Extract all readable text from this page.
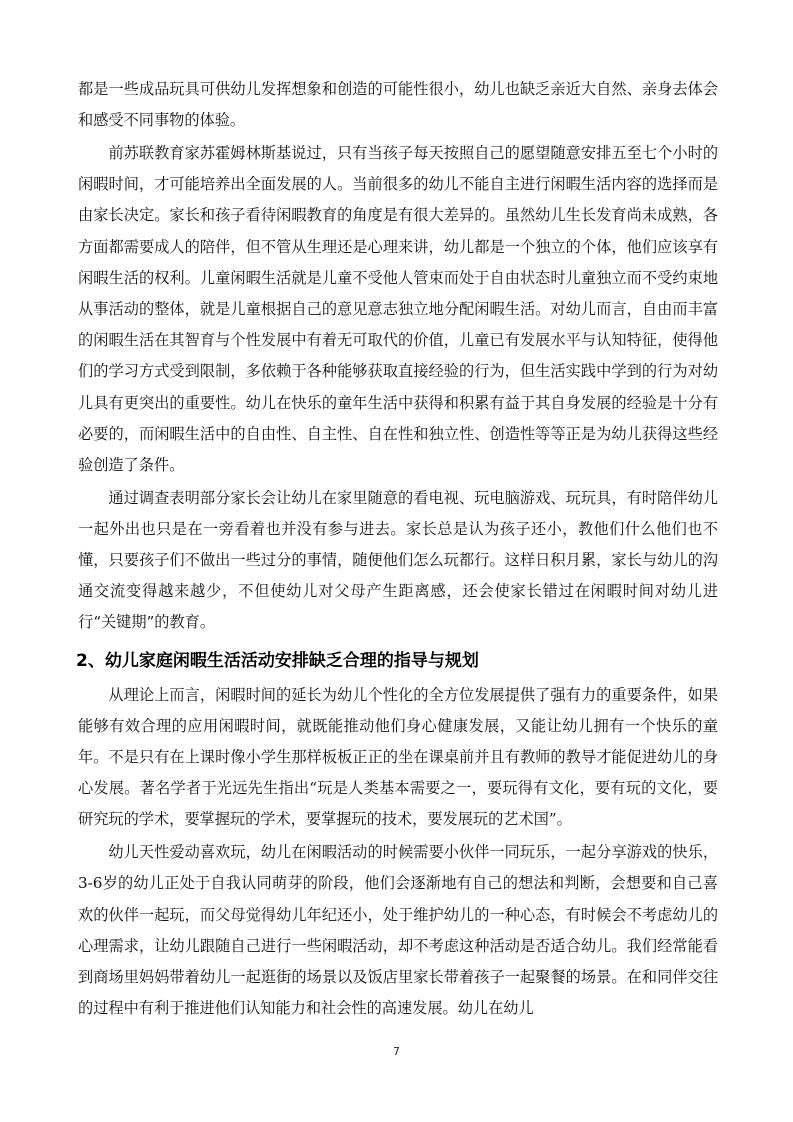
都是一些成品玩具可供幼儿发挥想象和创造的可能性很小，幼儿也缺乏亲近大自然、亲身去体会和感受不同事物的体验。

前苏联教育家苏霍姆林斯基说过，只有当孩子每天按照自己的愿望随意安排五至七个小时的闲暇时间，才可能培养出全面发展的人。当前很多的幼儿不能自主进行闲暇生活内容的选择而是由家长决定。家长和孩子看待闲暇教育的角度是有很大差异的。虽然幼儿生长发育尚未成熟，各方面都需要成人的陪伴，但不管从生理还是心理来讲，幼儿都是一个独立的个体，他们应该享有闲暇生活的权利。儿童闲暇生活就是儿童不受他人管束而处于自由状态时儿童独立而不受约束地从事活动的整体，就是儿童根据自己的意见意志独立地分配闲暇生活。对幼儿而言，自由而丰富的闲暇生活在其智育与个性发展中有着无可取代的价值，儿童已有发展水平与认知特征，使得他们的学习方式受到限制，多依赖于各种能够获取直接经验的行为，但生活实践中学到的行为对幼儿具有更突出的重要性。幼儿在快乐的童年生活中获得和积累有益于其自身发展的经验是十分有必要的，而闲暇生活中的自由性、自主性、自在性和独立性、创造性等等正是为幼儿获得这些经验创造了条件。

通过调查表明部分家长会让幼儿在家里随意的看电视、玩电脑游戏、玩玩具，有时陪伴幼儿一起外出也只是在一旁看着也并没有参与进去。家长总是认为孩子还小，教他们什么他们也不懂，只要孩子们不做出一些过分的事情，随便他们怎么玩都行。这样日积月累，家长与幼儿的沟通交流变得越来越少，不但使幼儿对父母产生距离感，还会使家长错过在闲暇时间对幼儿进行“关键期”的教育。

2、幼儿家庭闲暇生活活动安排缺乏合理的指导与规划

从理论上而言，闲暇时间的延长为幼儿个性化的全方位发展提供了强有力的重要条件，如果能够有效合理的应用闲暇时间，就既能推动他们身心健康发展，又能让幼儿拥有一个快乐的童年。不是只有在上课时像小学生那样板板正正的坐在课桌前并且有教师的教导才能促进幼儿的身心发展。著名学者于光远先生指出“玩是人类基本需要之一，要玩得有文化，要有玩的文化，要研究玩的学术，要掌握玩的学术，要掌握玩的技术，要发展玩的艺术国”。

幼儿天性爱动喜欢玩，幼儿在闲暇活动的时候需要小伙伴一同玩乐，一起分享游戏的快乐，3-6岁的幼儿正处于自我认同萌芽的阶段，他们会逐渐地有自己的想法和判断，会想要和自己喜欢的伙伴一起玩，而父母觉得幼儿年纪还小，处于维护幼儿的一种心态，有时候会不考虑幼儿的心理需求，让幼儿跟随自己进行一些闲暇活动，却不考虑这种活动是否适合幼儿。我们经常能看到商场里妈妈带着幼儿一起逛街的场景以及饭店里家长带着孩子一起聚餐的场景。在和同伴交往的过程中有利于推进他们认知能力和社会性的高速发展。幼儿在幼儿

7
